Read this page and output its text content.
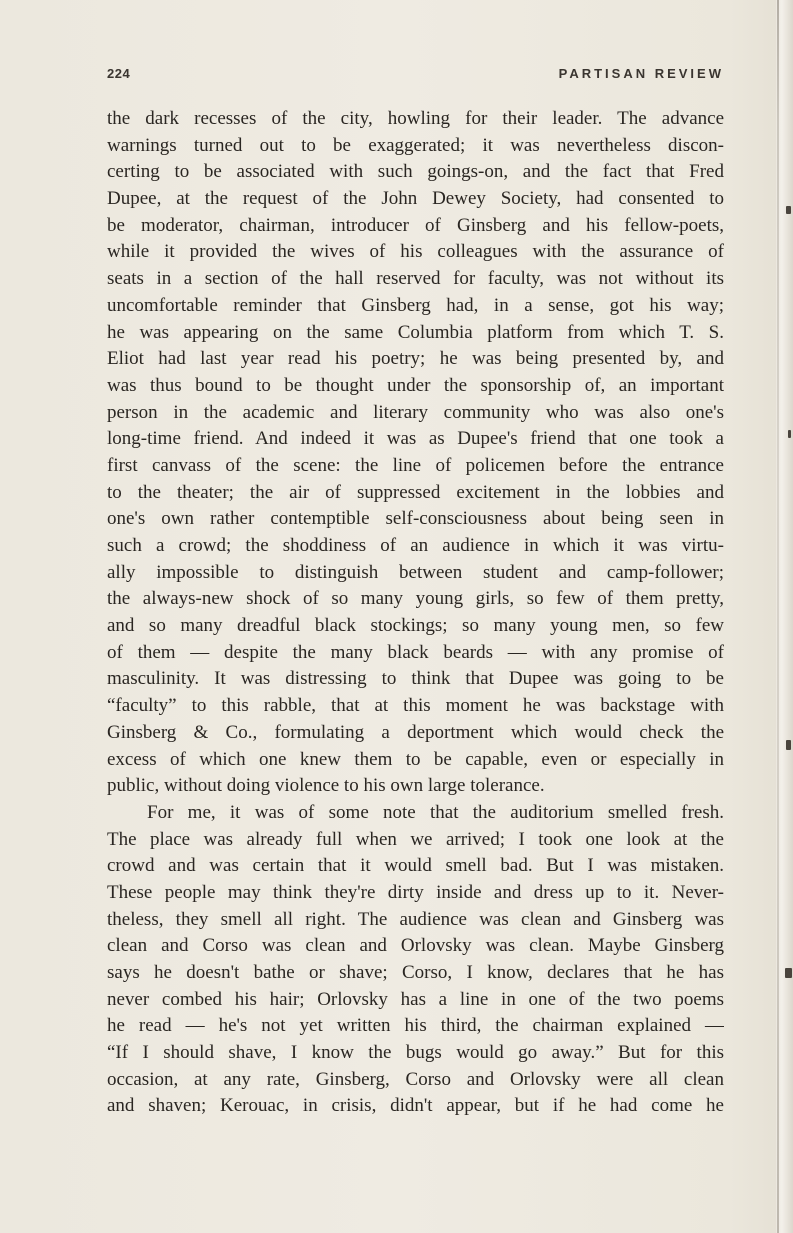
224	PARTISAN REVIEW
the dark recesses of the city, howling for their leader. The advance
warnings turned out to be exaggerated; it was nevertheless discon-
certing to be associated with such goings-on, and the fact that Fred
Dupee, at the request of the John Dewey Society, had consented to
be moderator, chairman, introducer of Ginsberg and his fellow-poets,
while it provided the wives of his colleagues with the assurance of
seats in a section of the hall reserved for faculty, was not without its
uncomfortable reminder that Ginsberg had, in a sense, got his way;
he was appearing on the same Columbia platform from which T. S.
Eliot had last year read his poetry; he was being presented by, and
was thus bound to be thought under the sponsorship of, an important
person in the academic and literary community who was also one's
long-time friend. And indeed it was as Dupee's friend that one took a
first canvass of the scene: the line of policemen before the entrance
to the theater; the air of suppressed excitement in the lobbies and
one's own rather contemptible self-consciousness about being seen in
such a crowd; the shoddiness of an audience in which it was virtu-
ally impossible to distinguish between student and camp-follower;
the always-new shock of so many young girls, so few of them pretty,
and so many dreadful black stockings; so many young men, so few
of them — despite the many black beards — with any promise of
masculinity. It was distressing to think that Dupee was going to be
“faculty” to this rabble, that at this moment he was backstage with
Ginsberg & Co., formulating a deportment which would check the
excess of which one knew them to be capable, even or especially in
public, without doing violence to his own large tolerance.
For me, it was of some note that the auditorium smelled fresh.
The place was already full when we arrived; I took one look at the
crowd and was certain that it would smell bad. But I was mistaken.
These people may think they're dirty inside and dress up to it. Never-
theless, they smell all right. The audience was clean and Ginsberg was
clean and Corso was clean and Orlovsky was clean. Maybe Ginsberg
says he doesn't bathe or shave; Corso, I know, declares that he has
never combed his hair; Orlovsky has a line in one of the two poems
he read — he's not yet written his third, the chairman explained —
“If I should shave, I know the bugs would go away.” But for this
occasion, at any rate, Ginsberg, Corso and Orlovsky were all clean
and shaven; Kerouac, in crisis, didn't appear, but if he had come he
